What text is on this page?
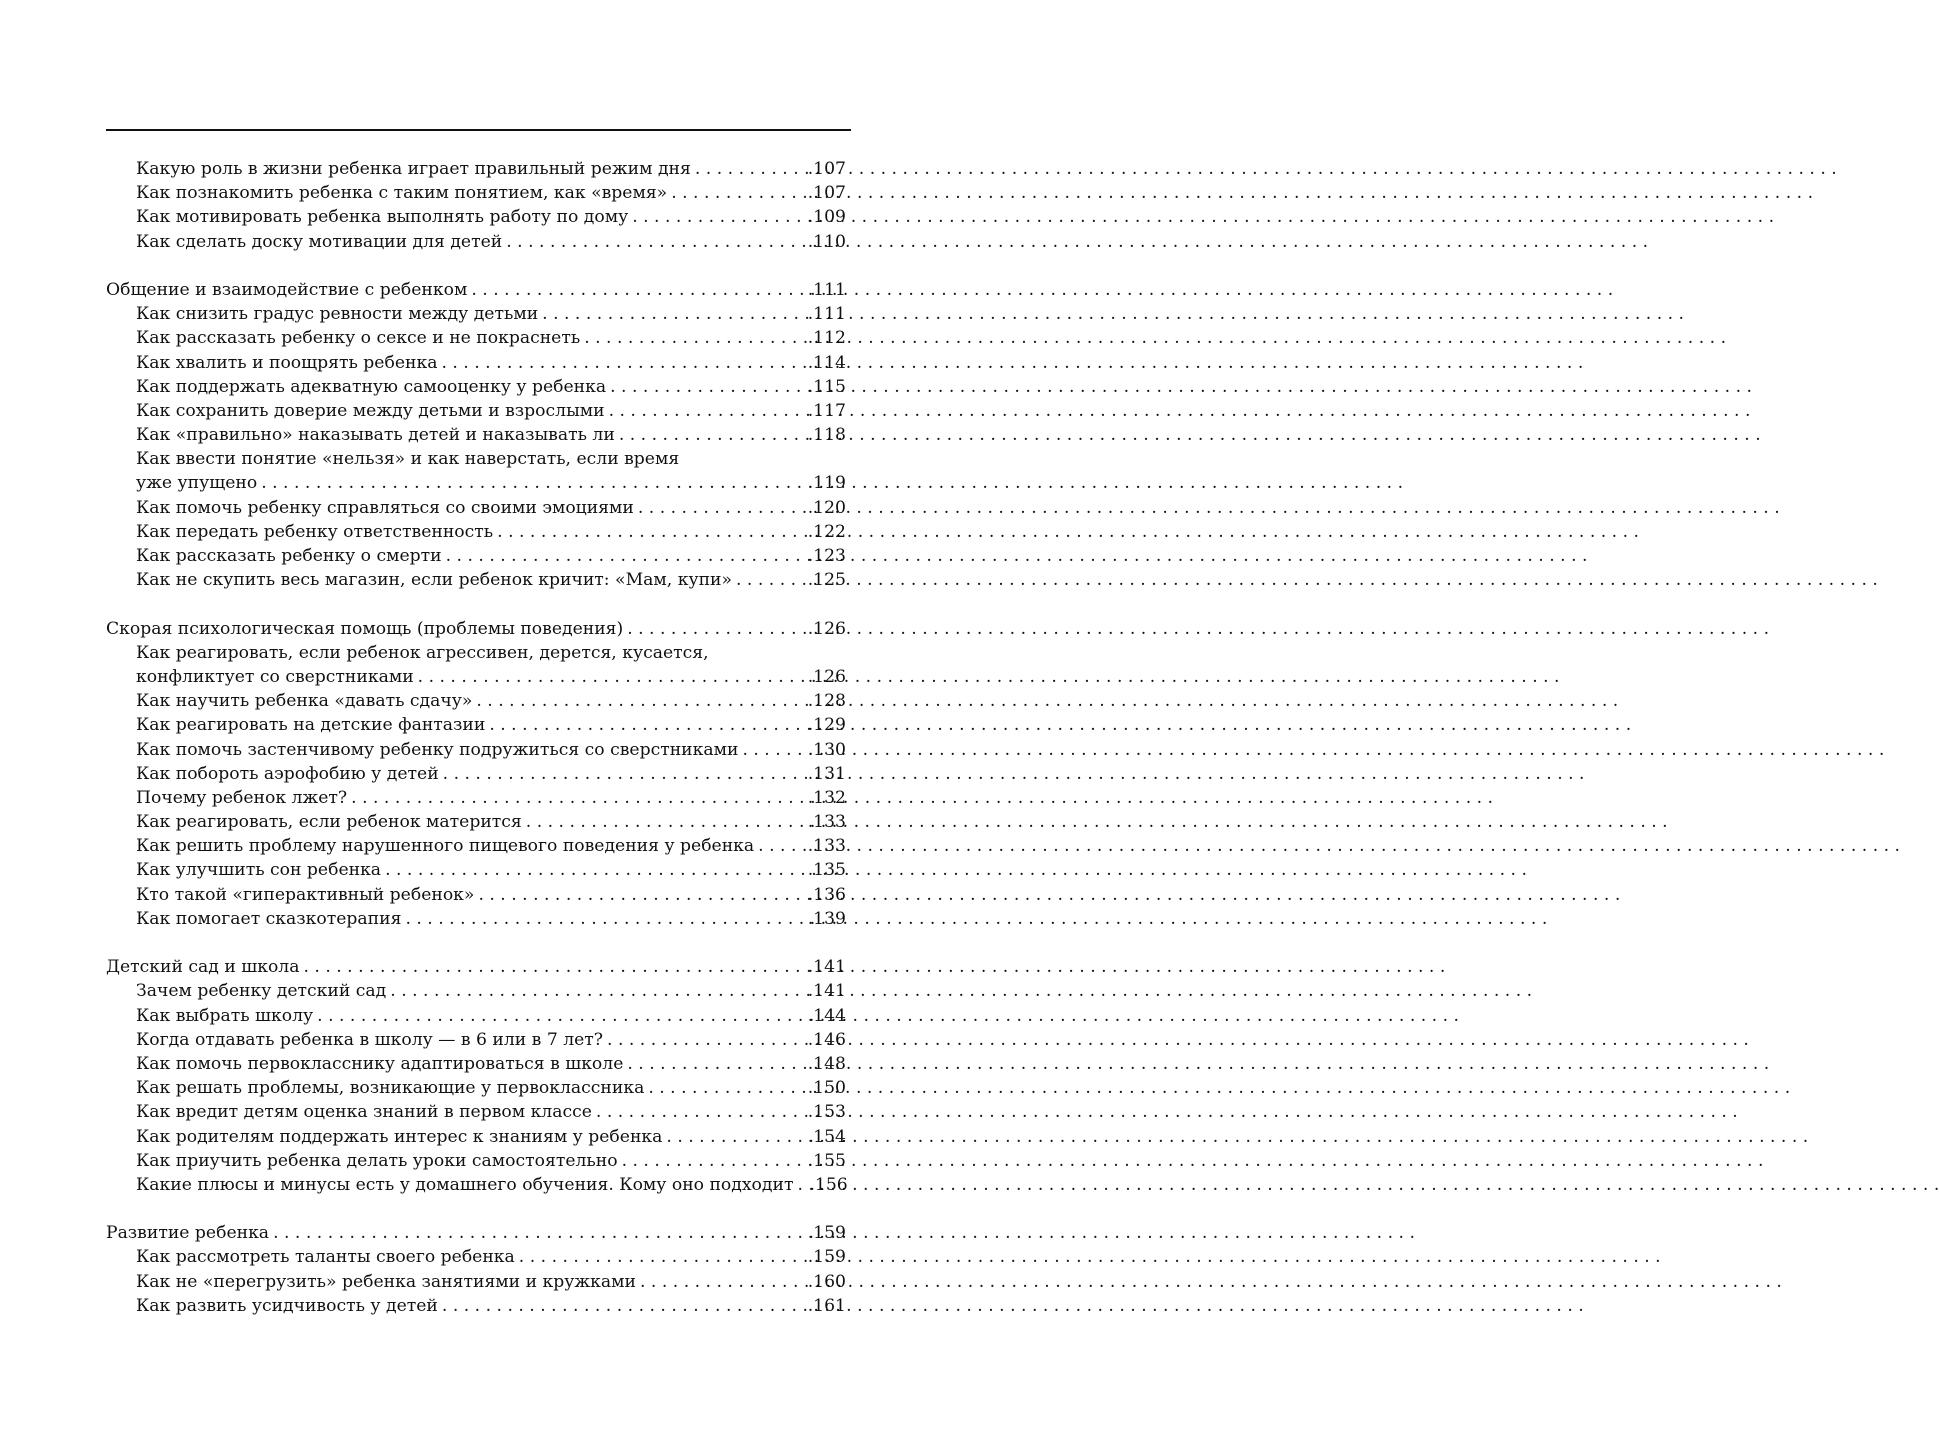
Какую роль в жизни ребенка играет правильный режим дня . . .	.107
Как познакомить ребенка с таким понятием, как «время» . . .	.107
Как мотивировать ребенка выполнять работу по дому . . .	.109
Как сделать доску мотивации для детей . . .	.110
Общение и взаимодействие с ребенком . . .	.111
Как снизить градус ревности между детьми . . .	.111
Как рассказать ребенку о сексе и не покраснеть . . .	.112
Как хвалить и поощрять ребенка . . .	.114
Как поддержать адекватную самооценку у ребенка . . .	.115
Как сохранить доверие между детьми и взрослыми . . .	.117
Как «правильно» наказывать детей и наказывать ли . . .	.118
Как ввести понятие «нельзя» и как наверстать, если время
уже упущено . . .	.119
Как помочь ребенку справляться со своими эмоциями . . .	.120
Как передать ребенку ответственность . . .	.122
Как рассказать ребенку о смерти . . .	.123
Как не скупить весь магазин, если ребенок кричит: «Мам, купи» . . .	.125
Скорая психологическая помощь (проблемы поведения) . . .	.126
Как реагировать, если ребенок агрессивен, дерется, кусается,
конфликтует со сверстниками . . .	.126
Как научить ребенка «давать сдачу» . . .	.128
Как реагировать на детские фантазии . . .	.129
Как помочь застенчивому ребенку подружиться со сверстниками . . .	.130
Как побороть аэрофобию у детей . . .	.131
Почему ребенок лжет? . . .	.132
Как реагировать, если ребенок матерится . . .	.133
Как решить проблему нарушенного пищевого поведения у ребенка . . .	.133
Как улучшить сон ребенка . . .	.135
Кто такой «гиперактивный ребенок» . . .	.136
Как помогает сказкотерапия . . .	.139
Детский сад и школа . . .	.141
Зачем ребенку детский сад . . .	.141
Как выбрать школу . . .	.144
Когда отдавать ребенка в школу — в 6 или в 7 лет? . . .	.146
Как помочь первокласснику адаптироваться в школе . . .	.148
Как решать проблемы, возникающие у первоклассника . . .	.150
Как вредит детям оценка знаний в первом классе . . .	.153
Как родителям поддержать интерес к знаниям у ребенка . . .	.154
Как приучить ребенка делать уроки самостоятельно . . .	.155
Какие плюсы и минусы есть у домашнего обучения. Кому оно подходит . . . .156
Развитие ребенка . . .	.159
Как рассмотреть таланты своего ребенка . . .	.159
Как не «перегрузить» ребенка занятиями и кружками . . .	.160
Как развить усидчивость у детей . . .	.161
